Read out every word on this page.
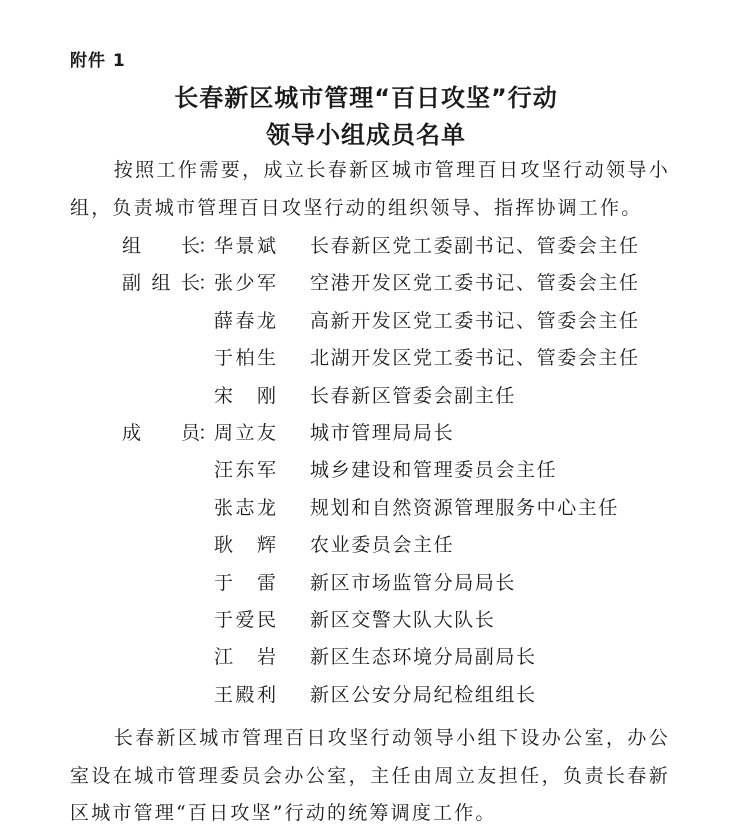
附件 1
长春新区城市管理“百日攻坚”行动
领导小组成员名单
按照工作需要，成立长春新区城市管理百日攻坚行动领导小组，负责城市管理百日攻坚行动的组织领导、指挥协调工作。
组
　 长
：
华 景 斌 长春新区党工委副书记、管委会主任
副 组 长
：
张 少 军 空港开发区党工委书记、管委会主任
薛 春 龙 高新开发区党工委书记、管委会主任
于 柏 生 北湖开发区党工委书记、管委会主任
宋
　 刚 长春新区管委会副主任
成
　 员
：
周 立 友 城市管理局局长
汪 东 军 城乡建设和管理委员会主任
张 志 龙 规划和自然资源管理服务中心主任
耿
　 辉 农业委员会主任
于
　 雷 新区市场监管分局局长
于 爱 民 新区交警大队大队长
江
　 岩 新区生态环境分局副局长
王 殿 利 新区公安分局纪检组组长
长春新区城市管理百日攻坚行动领导小组下设办公室，办公室设在城市管理委员会办公室，主任由周立友担任，负责长春新区城市管理“百日攻坚”行动的统筹调度工作。
